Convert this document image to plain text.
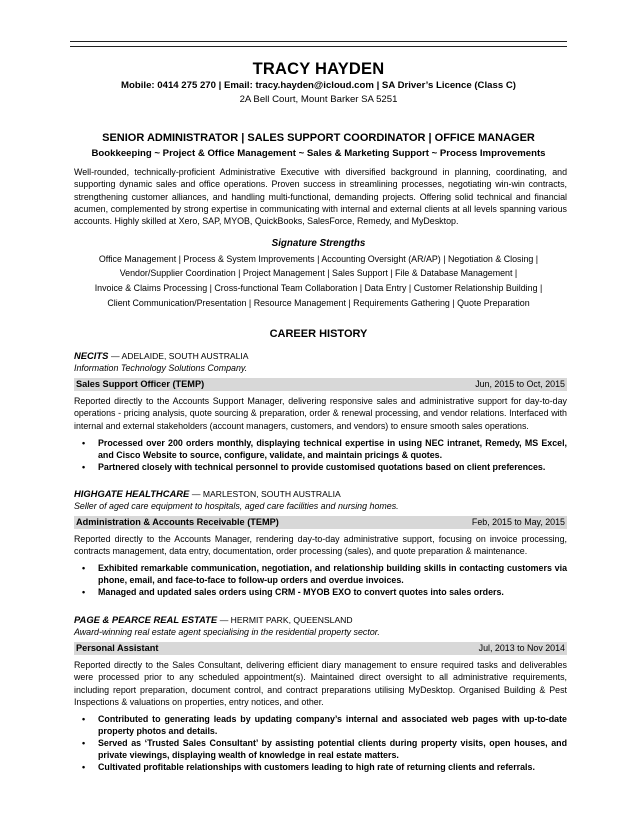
TRACY HAYDEN
Mobile: 0414 275 270 | Email: tracy.hayden@icloud.com | SA Driver’s Licence (Class C)
2A Bell Court, Mount Barker SA 5251
SENIOR ADMINISTRATOR | SALES SUPPORT COORDINATOR | OFFICE MANAGER
Bookkeeping ~ Project & Office Management ~ Sales & Marketing Support ~ Process Improvements
Well-rounded, technically-proficient Administrative Executive with diversified background in planning, coordinating, and supporting dynamic sales and office operations. Proven success in streamlining processes, negotiating win-win contracts, strengthening customer alliances, and handling multi-functional, demanding projects. Offering solid technical and financial acumen, complemented by strong expertise in communicating with internal and external clients at all levels spanning various accounts. Highly skilled at Xero, SAP, MYOB, QuickBooks, SalesForce, Remedy, and MyDesktop.
Signature Strengths
Office Management | Process & System Improvements | Accounting Oversight (AR/AP) | Negotiation & Closing |
Vendor/Supplier Coordination | Project Management | Sales Support | File & Database Management |
Invoice & Claims Processing | Cross-functional Team Collaboration | Data Entry | Customer Relationship Building |
Client Communication/Presentation | Resource Management | Requirements Gathering | Quote Preparation
CAREER HISTORY
NECITS — ADELAIDE, SOUTH AUSTRALIA
Information Technology Solutions Company.
Sales Support Officer (TEMP)	Jun, 2015 to Oct, 2015
Reported directly to the Accounts Support Manager, delivering responsive sales and administrative support for day-to-day operations - pricing analysis, quote sourcing & preparation, order & renewal processing, and vendor relations. Interfaced with internal and external stakeholders (account managers, customers, and vendors) to ensure smooth sales operations.
• Processed over 200 orders monthly, displaying technical expertise in using NEC intranet, Remedy, MS Excel, and Cisco Website to source, configure, validate, and maintain pricings & quotes.
• Partnered closely with technical personnel to provide customised quotations based on client preferences.
HIGHGATE HEALTHCARE — MARLESTON, SOUTH AUSTRALIA
Seller of aged care equipment to hospitals, aged care facilities and nursing homes.
Administration & Accounts Receivable (TEMP)	Feb, 2015 to May, 2015
Reported directly to the Accounts Manager, rendering day-to-day administrative support, focusing on invoice processing, contracts management, data entry, documentation, order processing (sales), and quote preparation & maintenance.
• Exhibited remarkable communication, negotiation, and relationship building skills in contacting customers via phone, email, and face-to-face to follow-up orders and overdue invoices.
• Managed and updated sales orders using CRM - MYOB EXO to convert quotes into sales orders.
PAGE & PEARCE REAL ESTATE — HERMIT PARK, QUEENSLAND
Award-winning real estate agent specialising in the residential property sector.
Personal Assistant	Jul, 2013 to Nov 2014
Reported directly to the Sales Consultant, delivering efficient diary management to ensure required tasks and deliverables were processed prior to any scheduled appointment(s). Maintained direct oversight to all administrative requirements, including report preparation, document control, and contract preparations utilising MyDesktop. Organised Building & Pest Inspections & valuations on properties, entry notices, and other.
• Contributed to generating leads by updating company’s internal and associated web pages with up-to-date property photos and details.
• Served as ‘Trusted Sales Consultant’ by assisting potential clients during property visits, open houses, and private viewings, displaying wealth of knowledge in real estate matters.
• Cultivated profitable relationships with customers leading to high rate of returning clients and referrals.
